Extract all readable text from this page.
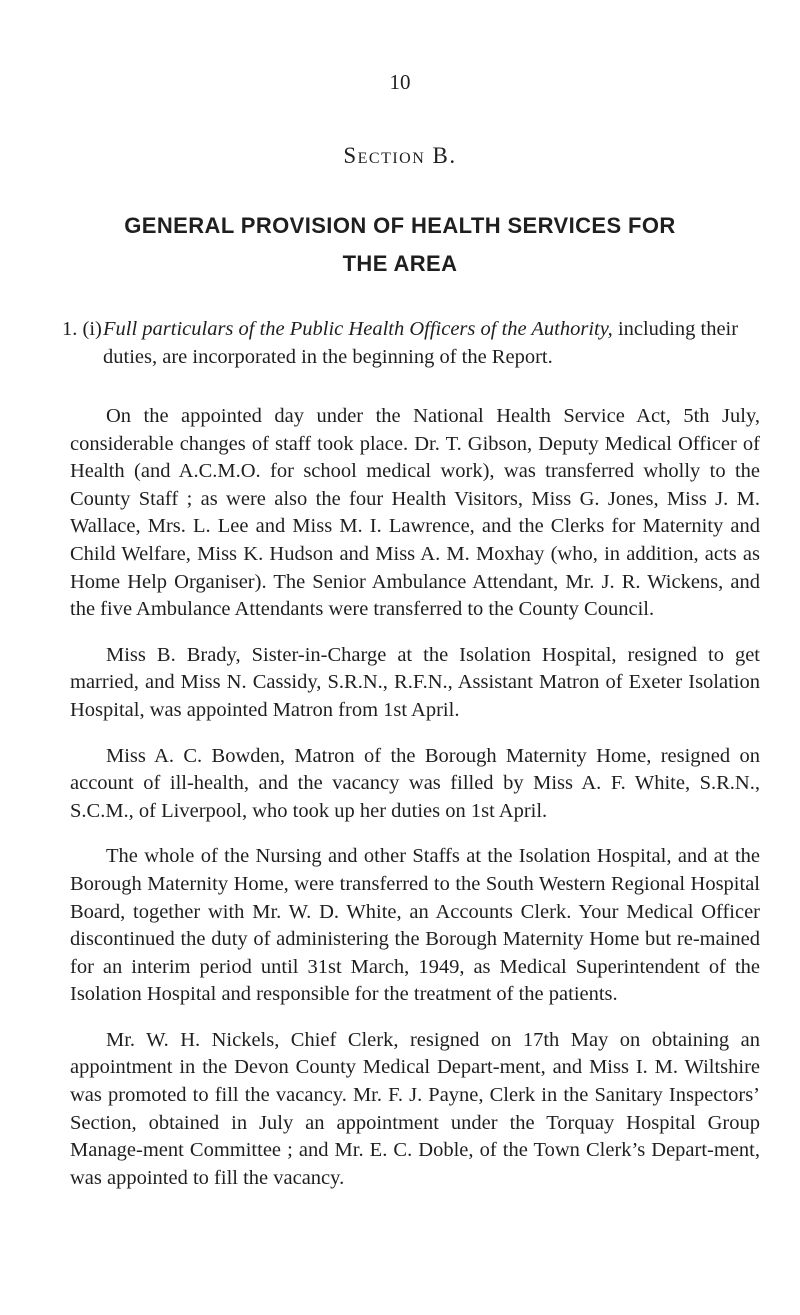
10
Section B.
GENERAL PROVISION OF HEALTH SERVICES FOR
THE AREA
1. (i) Full particulars of the Public Health Officers of the Authority, including their duties, are incorporated in the beginning of the Report.

On the appointed day under the National Health Service Act, 5th July, considerable changes of staff took place. Dr. T. Gibson, Deputy Medical Officer of Health (and A.C.M.O. for school medical work), was transferred wholly to the County Staff ; as were also the four Health Visitors, Miss G. Jones, Miss J. M. Wallace, Mrs. L. Lee and Miss M. I. Lawrence, and the Clerks for Maternity and Child Welfare, Miss K. Hudson and Miss A. M. Moxhay (who, in addition, acts as Home Help Organiser). The Senior Ambulance Attendant, Mr. J. R. Wickens, and the five Ambulance Attendants were transferred to the County Council.

Miss B. Brady, Sister-in-Charge at the Isolation Hospital, resigned to get married, and Miss N. Cassidy, S.R.N., R.F.N., Assistant Matron of Exeter Isolation Hospital, was appointed Matron from 1st April.

Miss A. C. Bowden, Matron of the Borough Maternity Home, resigned on account of ill-health, and the vacancy was filled by Miss A. F. White, S.R.N., S.C.M., of Liverpool, who took up her duties on 1st April.

The whole of the Nursing and other Staffs at the Isolation Hospital, and at the Borough Maternity Home, were transferred to the South Western Regional Hospital Board, together with Mr. W. D. White, an Accounts Clerk. Your Medical Officer discontinued the duty of administering the Borough Maternity Home but re-mained for an interim period until 31st March, 1949, as Medical Superintendent of the Isolation Hospital and responsible for the treatment of the patients.

Mr. W. H. Nickels, Chief Clerk, resigned on 17th May on obtaining an appointment in the Devon County Medical Depart-ment, and Miss I. M. Wiltshire was promoted to fill the vacancy. Mr. F. J. Payne, Clerk in the Sanitary Inspectors’ Section, obtained in July an appointment under the Torquay Hospital Group Manage-ment Committee ; and Mr. E. C. Doble, of the Town Clerk’s Depart-ment, was appointed to fill the vacancy.
